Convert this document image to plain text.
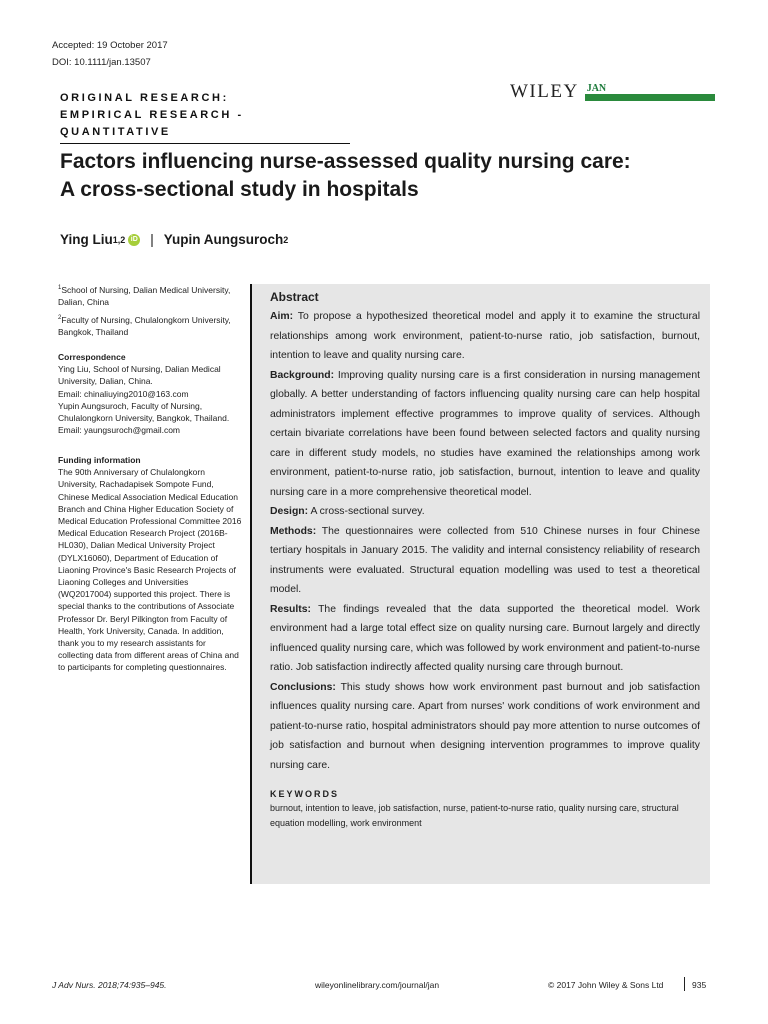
Accepted: 19 October 2017
DOI: 10.1111/jan.13507
ORIGINAL RESEARCH:
EMPIRICAL RESEARCH - QUANTITATIVE
WILEY JAN
Factors influencing nurse-assessed quality nursing care:
A cross-sectional study in hospitals
Ying Liu 1,2 iD | Yupin Aungsuroch 2

$^1$School of Nursing, Dalian Medical University, Dalian, China

$^2$Faculty of Nursing, Chulalongkorn University, Bangkok, Thailand

Correspondence

Ying Liu, School of Nursing, Dalian Medical

University, Dalian, China.

Email: chinaliuying2010@163.com

Yupin Aungsuroch, Faculty of Nursing,

Chulalongkorn University, Bangkok, Thailand.

Email: yaungsuroch@gmail.com

Funding information

The 90th Anniversary of Chulalongkorn University, Rachadapisek Sompote Fund, Chinese Medical Association Medical Education Branch and China Higher Education Society of Medical Education Professional Committee 2016 Medical Education Research Project (2016B-HL030), Dalian Medical University Project (DYLX16060), Department of Education of Liaoning Province's Basic Research Projects of Liaoning Colleges and Universities (WQ2017004) supported this project. There is special thanks to the contributions of Associate Professor Dr. Beryl Pilkington from Faculty of Health, York University, Canada. In addition, thank you to my research assistants for collecting data from different areas of China and to participants for completing questionnaires.

Abstract

Aim: To propose a hypothesized theoretical model and apply it to examine the structural relationships among work environment, patient-to-nurse ratio, job satisfaction, burnout, intention to leave and quality nursing care.

Background: Improving quality nursing care is a first consideration in nursing management globally. A better understanding of factors influencing quality nursing care can help hospital administrators implement effective programmes to improve quality of services. Although certain bivariate correlations have been found between selected factors and quality nursing care in different study models, no studies have examined the relationships among work environment, patient-to-nurse ratio, job satisfaction, burnout, intention to leave and quality nursing care in a more comprehensive theoretical model.

Design: A cross-sectional survey.

Methods: The questionnaires were collected from 510 Chinese nurses in four Chinese tertiary hospitals in January 2015. The validity and internal consistency reliability of research instruments were evaluated. Structural equation modelling was used to test a theoretical model.

Results: The findings revealed that the data supported the theoretical model. Work environment had a large total effect size on quality nursing care. Burnout largely and directly influenced quality nursing care, which was followed by work environment and patient-to-nurse ratio. Job satisfaction indirectly affected quality nursing care through burnout.

Conclusions: This study shows how work environment past burnout and job satisfaction influences quality nursing care. Apart from nurses' work conditions of work environment and patient-to-nurse ratio, hospital administrators should pay more attention to nurse outcomes of job satisfaction and burnout when designing intervention programmes to improve quality nursing care.

KEYWORDS

burnout, intention to leave, job satisfaction, nurse, patient-to-nurse ratio, quality nursing care, structural equation modelling, work environment

J Adv Nurs. 2018;74:935–945.	wileyonlinelibrary.com/journal/jan	© 2017 John Wiley & Sons Ltd	935
